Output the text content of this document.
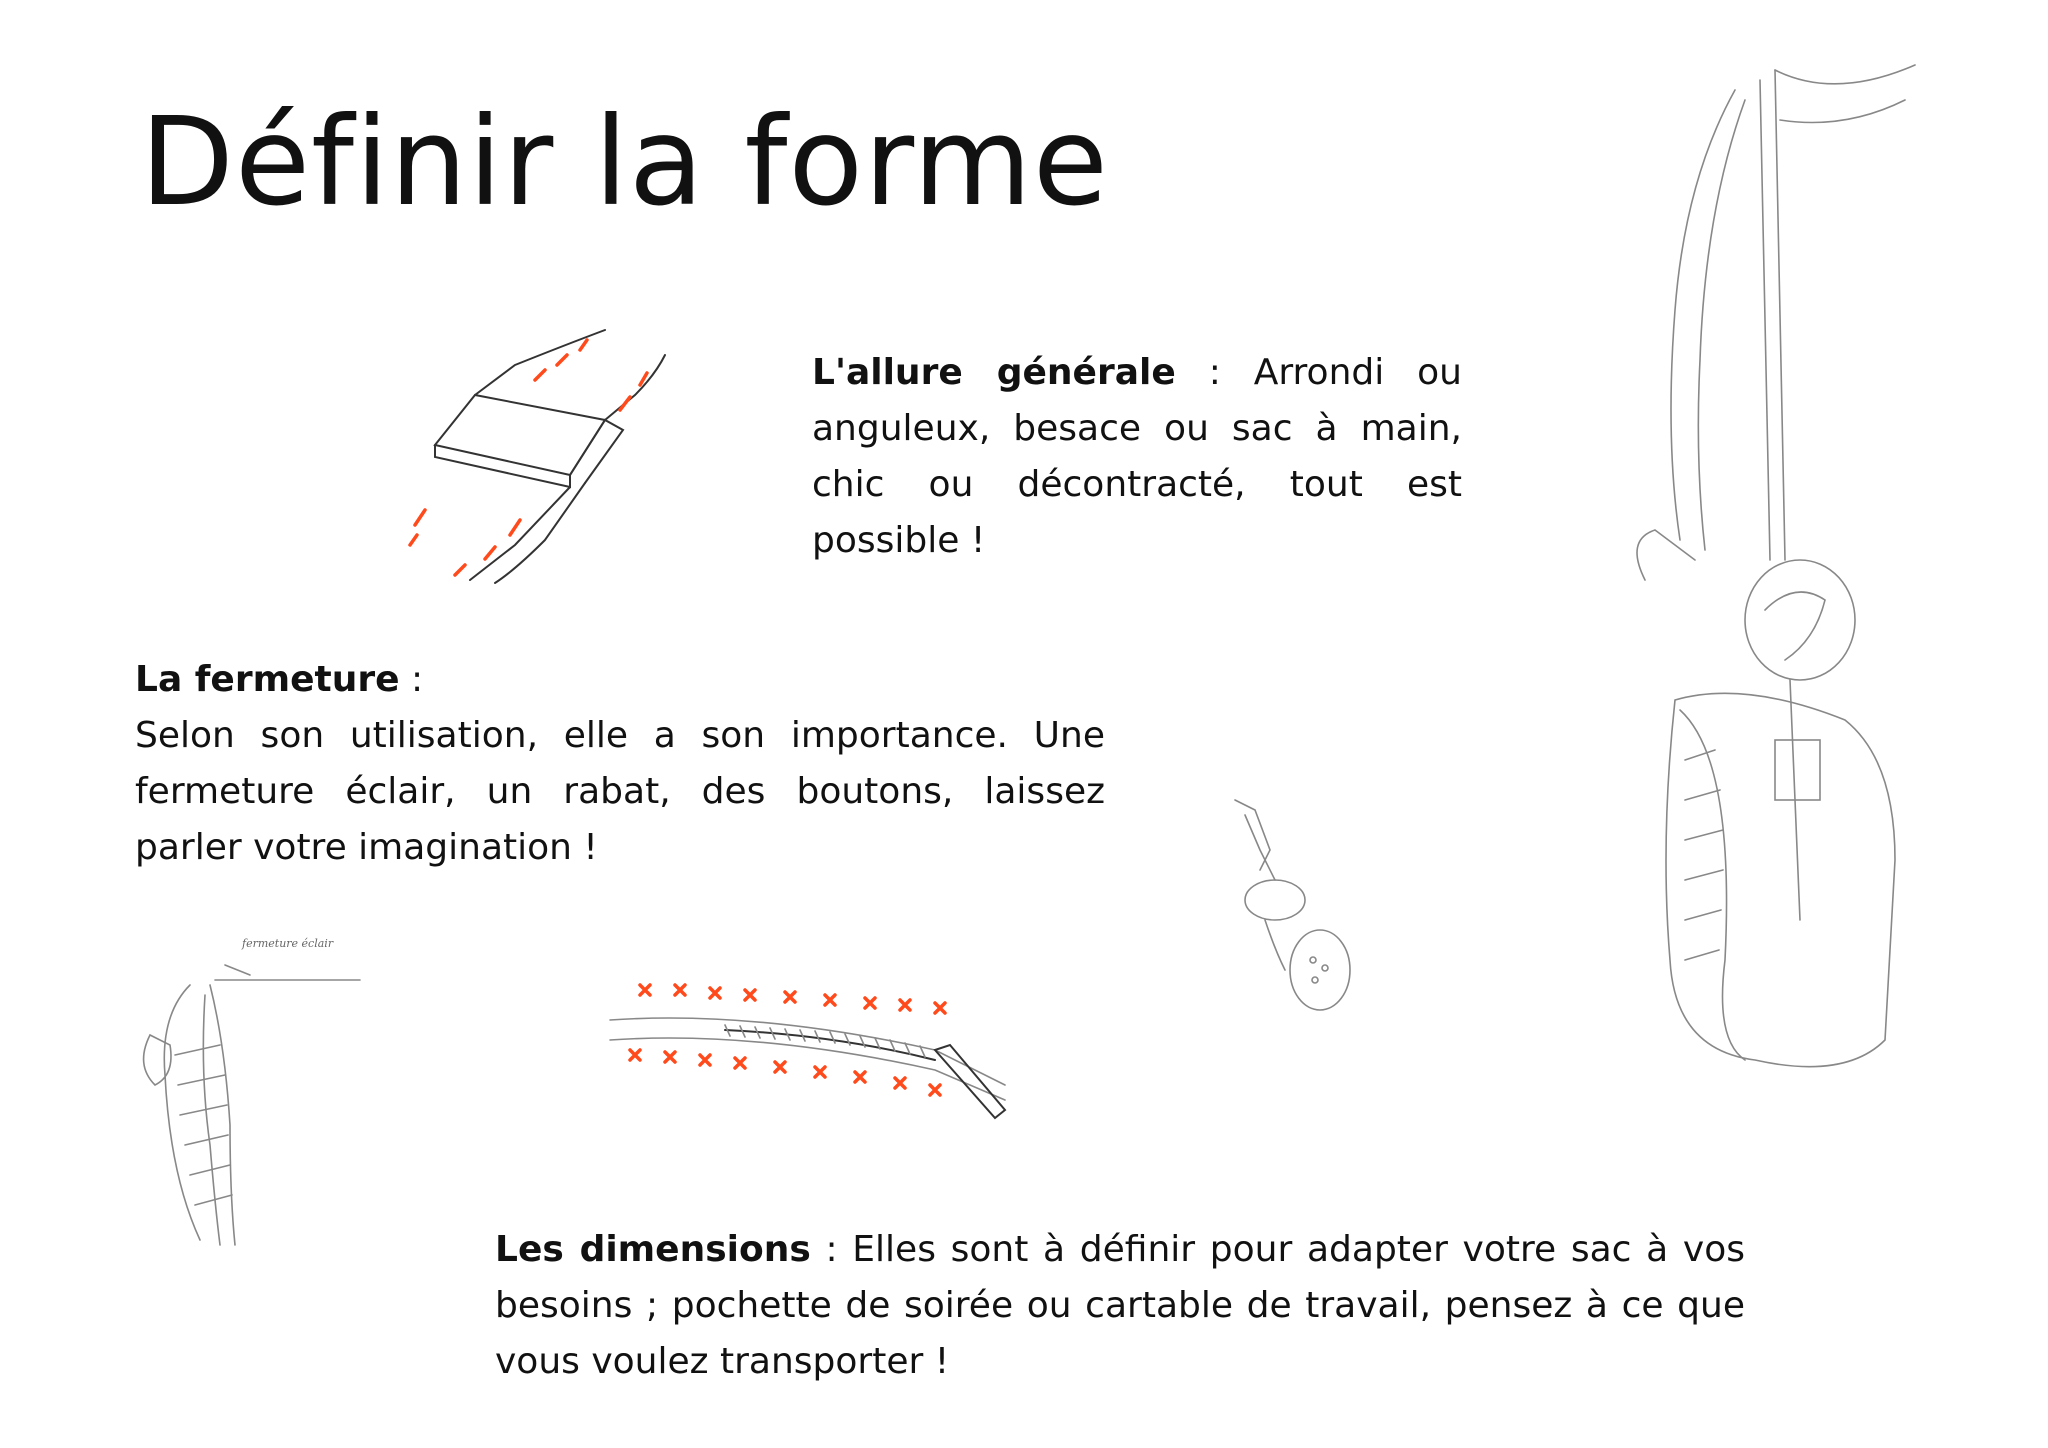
Définir la forme
L'allure générale : Arrondi ou anguleux, besace ou sac à main, chic ou décontracté, tout est possible !
La fermeture :
Selon son utilisation, elle a son importance. Une fermeture éclair, un rabat, des boutons, laissez parler votre imagination !
Les dimensions : Elles sont à définir pour adapter votre sac à vos besoins ; pochette de soirée ou cartable de travail, pensez à ce que vous voulez transporter !
fermeture éclair
